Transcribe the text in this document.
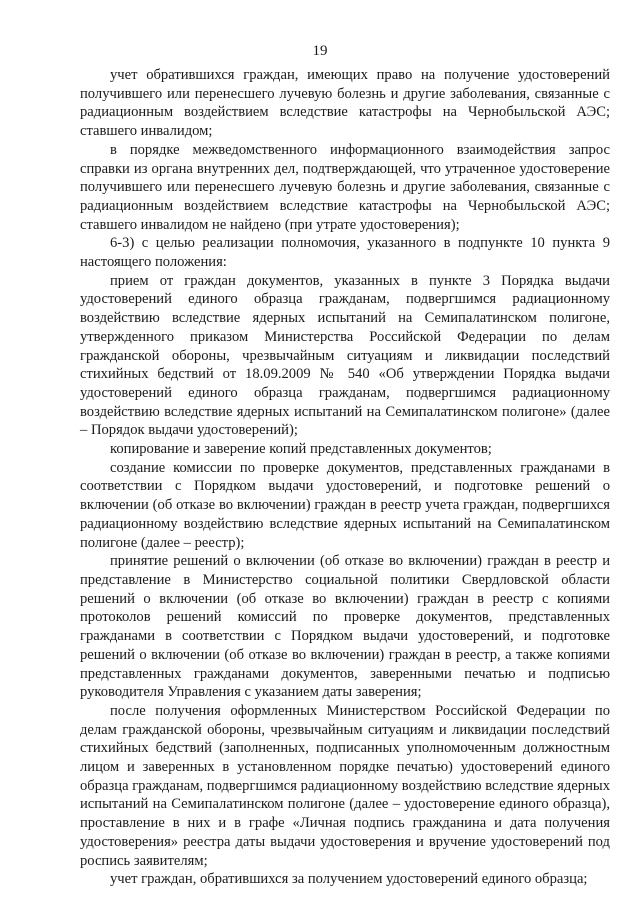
19

учет обратившихся граждан, имеющих право на получение удостоверений получившего или перенесшего лучевую болезнь и другие заболевания, связанные с радиационным воздействием вследствие катастрофы на Чернобыльской АЭС; ставшего инвалидом;

в порядке межведомственного информационного взаимодействия запрос справки из органа внутренних дел, подтверждающей, что утраченное удостоверение получившего или перенесшего лучевую болезнь и другие заболевания, связанные с радиационным воздействием вследствие катастрофы на Чернобыльской АЭС; ставшего инвалидом не найдено (при утрате удостоверения);

6-3) с целью реализации полномочия, указанного в подпункте 10 пункта 9 настоящего положения:

прием от граждан документов, указанных в пункте 3 Порядка выдачи удостоверений единого образца гражданам, подвергшимся радиационному воздействию вследствие ядерных испытаний на Семипалатинском полигоне, утвержденного приказом Министерства Российской Федерации по делам гражданской обороны, чрезвычайным ситуациям и ликвидации последствий стихийных бедствий от 18.09.2009 № 540 «Об утверждении Порядка выдачи удостоверений единого образца гражданам, подвергшимся радиационному воздействию вследствие ядерных испытаний на Семипалатинском полигоне» (далее – Порядок выдачи удостоверений);

копирование и заверение копий представленных документов;

создание комиссии по проверке документов, представленных гражданами в соответствии с Порядком выдачи удостоверений, и подготовке решений о включении (об отказе во включении) граждан в реестр учета граждан, подвергшихся радиационному воздействию вследствие ядерных испытаний на Семипалатинском полигоне (далее – реестр);

принятие решений о включении (об отказе во включении) граждан в реестр и представление в Министерство социальной политики Свердловской области решений о включении (об отказе во включении) граждан в реестр с копиями протоколов решений комиссий по проверке документов, представленных гражданами в соответствии с Порядком выдачи удостоверений, и подготовке решений о включении (об отказе во включении) граждан в реестр, а также копиями представленных гражданами документов, заверенными печатью и подписью руководителя Управления с указанием даты заверения;

после получения оформленных Министерством Российской Федерации по делам гражданской обороны, чрезвычайным ситуациям и ликвидации последствий стихийных бедствий (заполненных, подписанных уполномоченным должностным лицом и заверенных в установленном порядке печатью) удостоверений единого образца гражданам, подвергшимся радиационному воздействию вследствие ядерных испытаний на Семипалатинском полигоне (далее – удостоверение единого образца), проставление в них и в графе «Личная подпись гражданина и дата получения удостоверения» реестра даты выдачи удостоверения и вручение удостоверений под роспись заявителям;

учет граждан, обратившихся за получением удостоверений единого образца;
